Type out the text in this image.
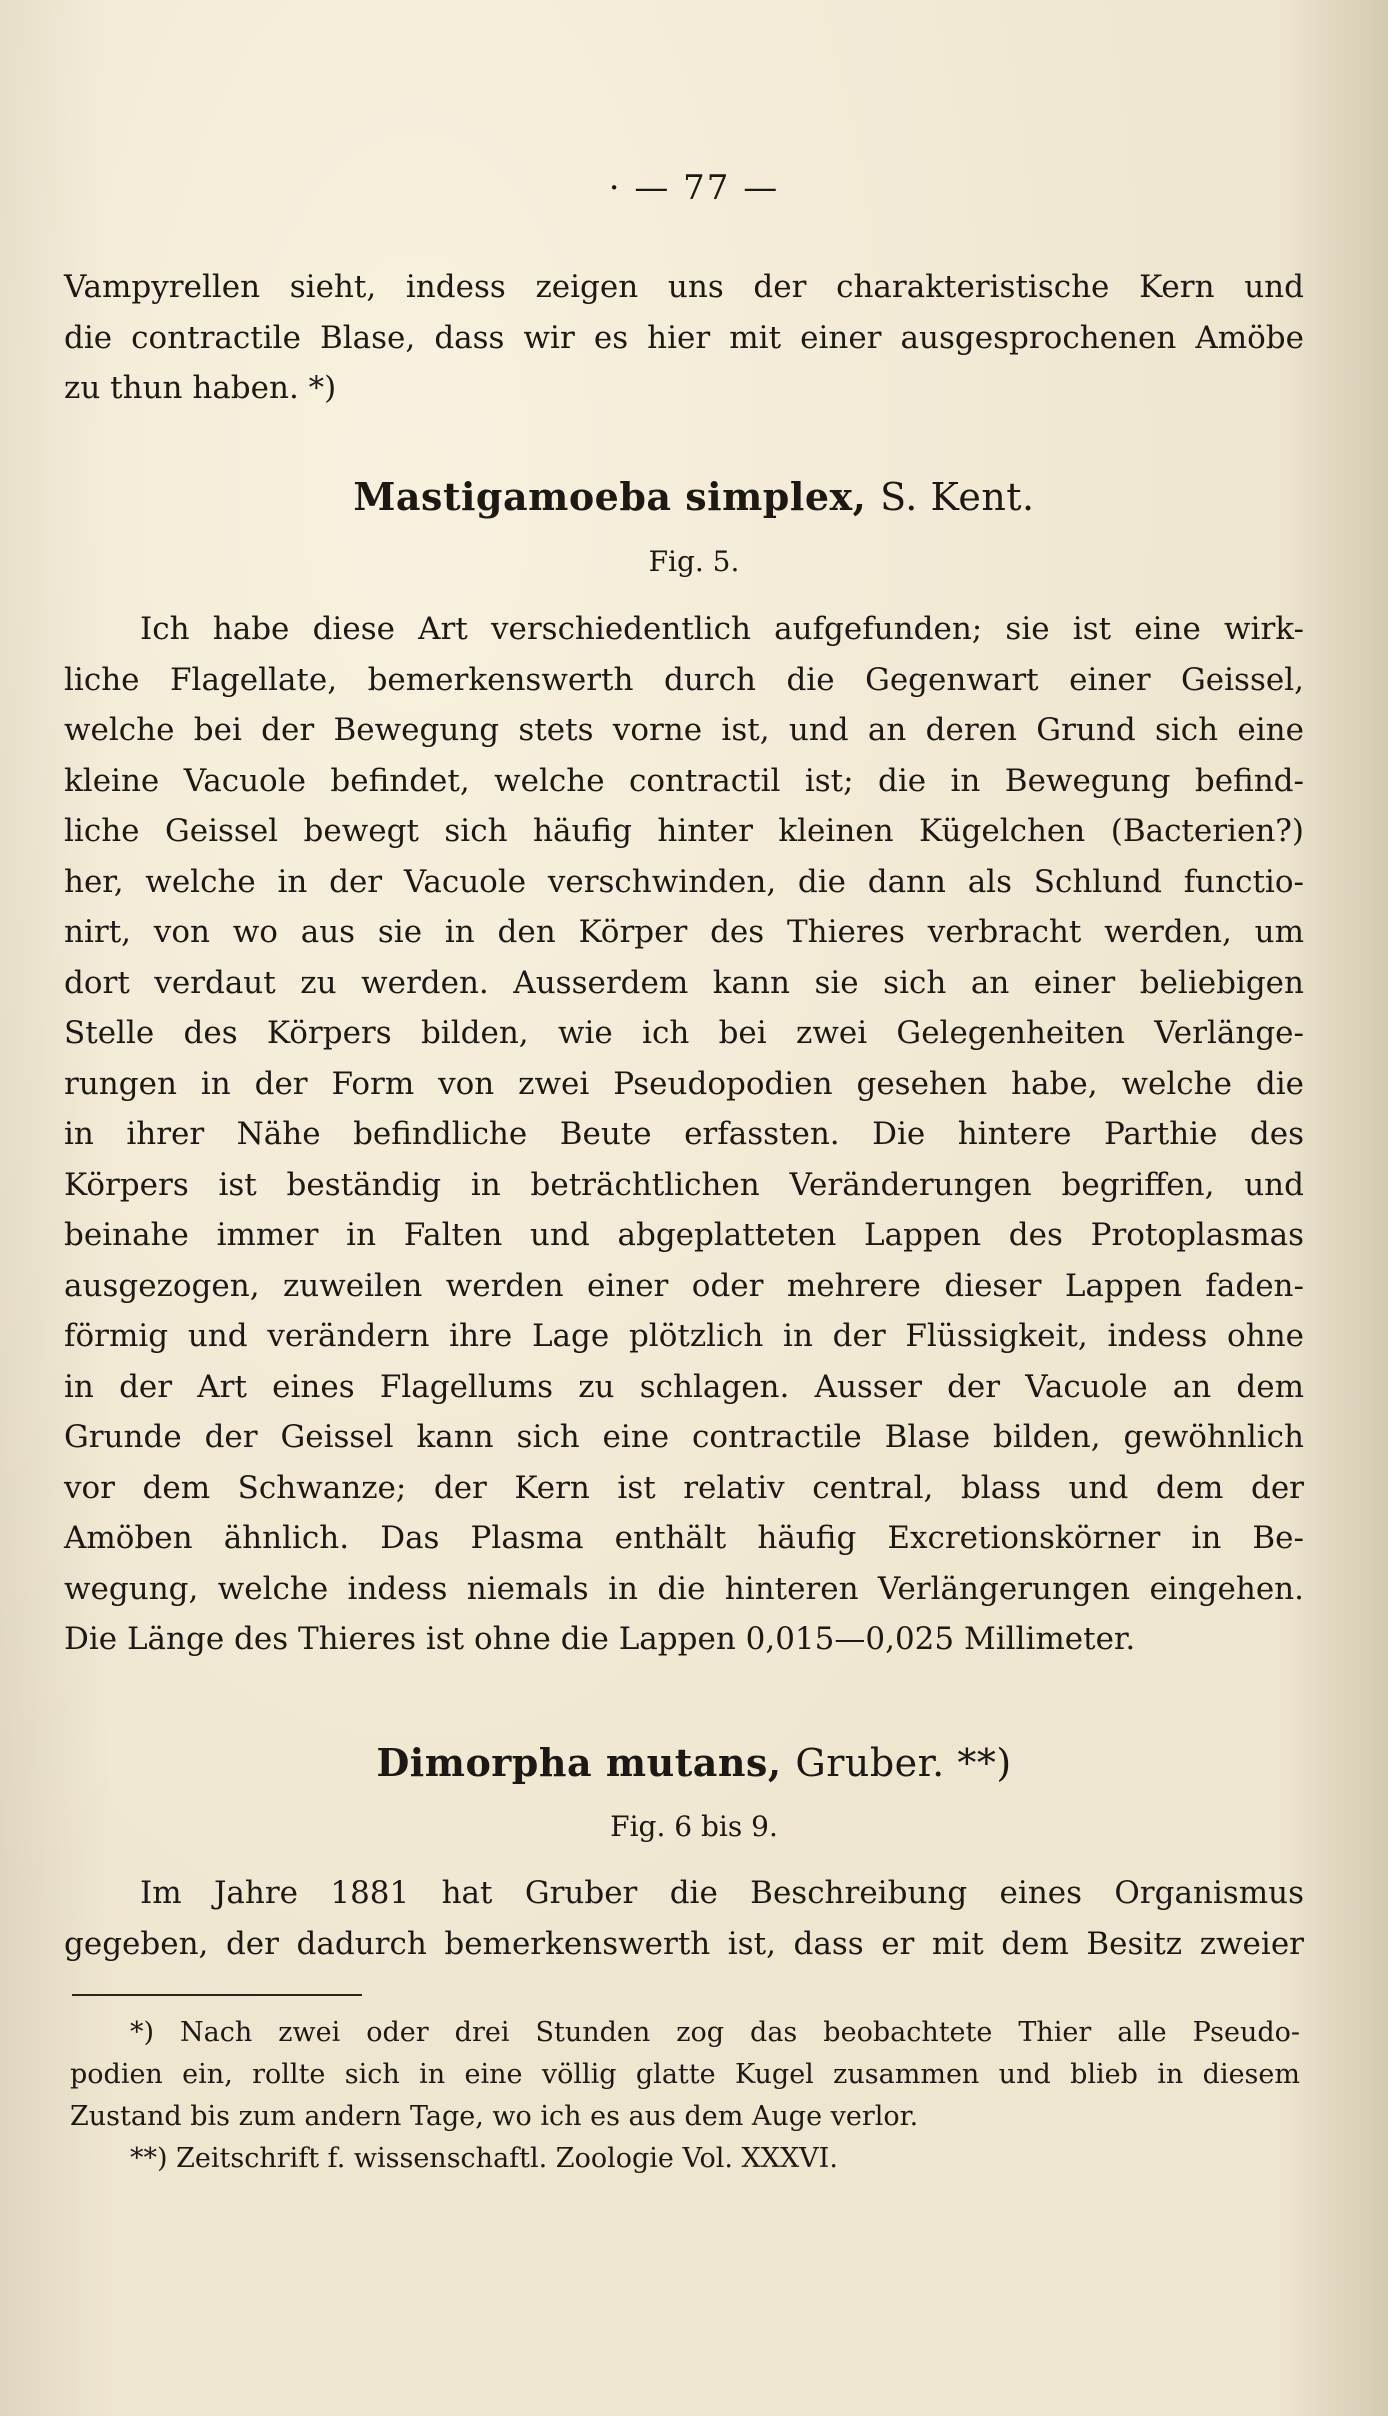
· — 77 —
Vampyrellen sieht, indess zeigen uns der charakteristische Kern und
die contractile Blase, dass wir es hier mit einer ausgesprochenen Amöbe
zu thun haben. *)
Mastigamoeba simplex, S. Kent.
Fig. 5.
Ich habe diese Art verschiedentlich aufgefunden; sie ist eine wirk-
liche Flagellate, bemerkenswerth durch die Gegenwart einer Geissel,
welche bei der Bewegung stets vorne ist, und an deren Grund sich eine
kleine Vacuole befindet, welche contractil ist; die in Bewegung befind-
liche Geissel bewegt sich häufig hinter kleinen Kügelchen (Bacterien?)
her, welche in der Vacuole verschwinden, die dann als Schlund functio-
nirt, von wo aus sie in den Körper des Thieres verbracht werden, um
dort verdaut zu werden. Ausserdem kann sie sich an einer beliebigen
Stelle des Körpers bilden, wie ich bei zwei Gelegenheiten Verlänge-
rungen in der Form von zwei Pseudopodien gesehen habe, welche die
in ihrer Nähe befindliche Beute erfassten. Die hintere Parthie des
Körpers ist beständig in beträchtlichen Veränderungen begriffen, und
beinahe immer in Falten und abgeplatteten Lappen des Protoplasmas
ausgezogen, zuweilen werden einer oder mehrere dieser Lappen faden-
förmig und verändern ihre Lage plötzlich in der Flüssigkeit, indess ohne
in der Art eines Flagellums zu schlagen. Ausser der Vacuole an dem
Grunde der Geissel kann sich eine contractile Blase bilden, gewöhnlich
vor dem Schwanze; der Kern ist relativ central, blass und dem der
Amöben ähnlich. Das Plasma enthält häufig Excretionskörner in Be-
wegung, welche indess niemals in die hinteren Verlängerungen eingehen.
Die Länge des Thieres ist ohne die Lappen 0,015—0,025 Millimeter.
Dimorpha mutans, Gruber. **)
Fig. 6 bis 9.
Im Jahre 1881 hat Gruber die Beschreibung eines Organismus
gegeben, der dadurch bemerkenswerth ist, dass er mit dem Besitz zweier
*) Nach zwei oder drei Stunden zog das beobachtete Thier alle Pseudo-
podien ein, rollte sich in eine völlig glatte Kugel zusammen und blieb in diesem
Zustand bis zum andern Tage, wo ich es aus dem Auge verlor.
**) Zeitschrift f. wissenschaftl. Zoologie Vol. XXXVI.
